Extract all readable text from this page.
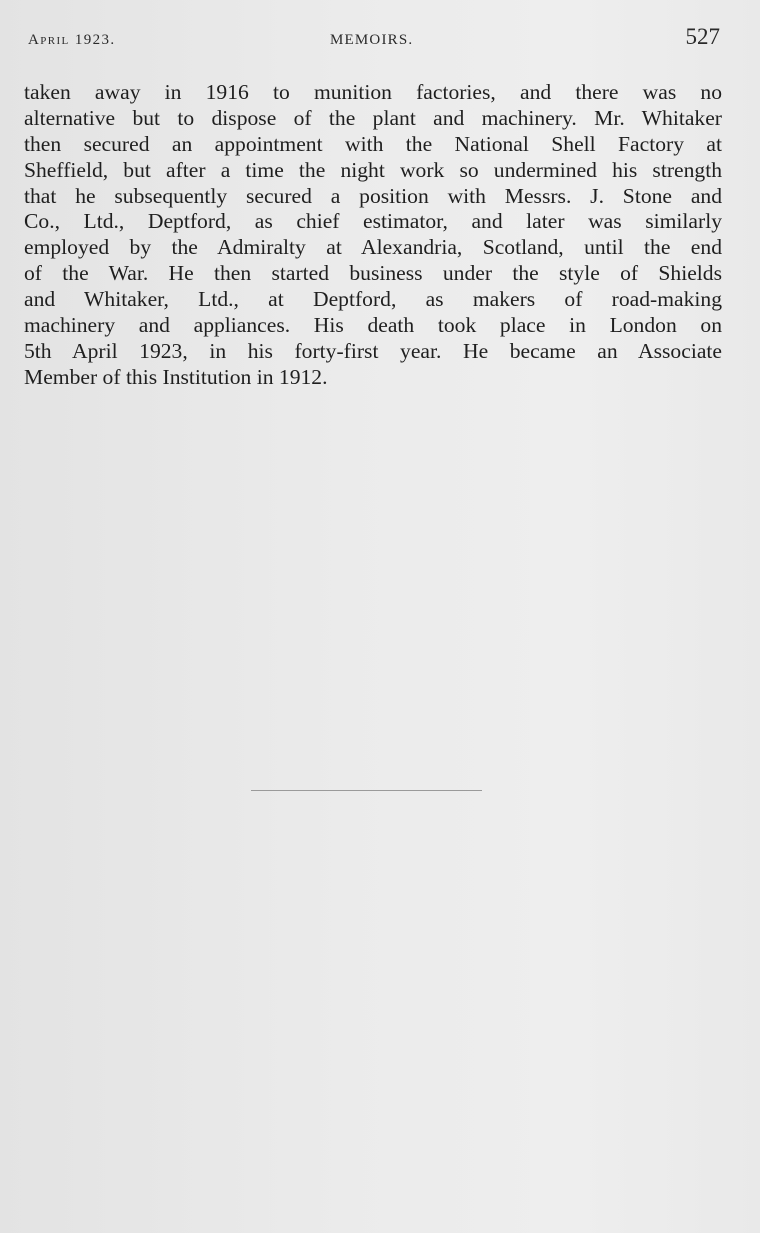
April 1923.	MEMOIRS.	527
taken away in 1916 to munition factories, and there was no
alternative but to dispose of the plant and machinery. Mr. Whitaker
then secured an appointment with the National Shell Factory at
Sheffield, but after a time the night work so undermined his strength
that he subsequently secured a position with Messrs. J. Stone and
Co., Ltd., Deptford, as chief estimator, and later was similarly
employed by the Admiralty at Alexandria, Scotland, until the end
of the War. He then started business under the style of Shields
and Whitaker, Ltd., at Deptford, as makers of road-making
machinery and appliances. His death took place in London on
5th April 1923, in his forty-first year. He became an Associate
Member of this Institution in 1912.
